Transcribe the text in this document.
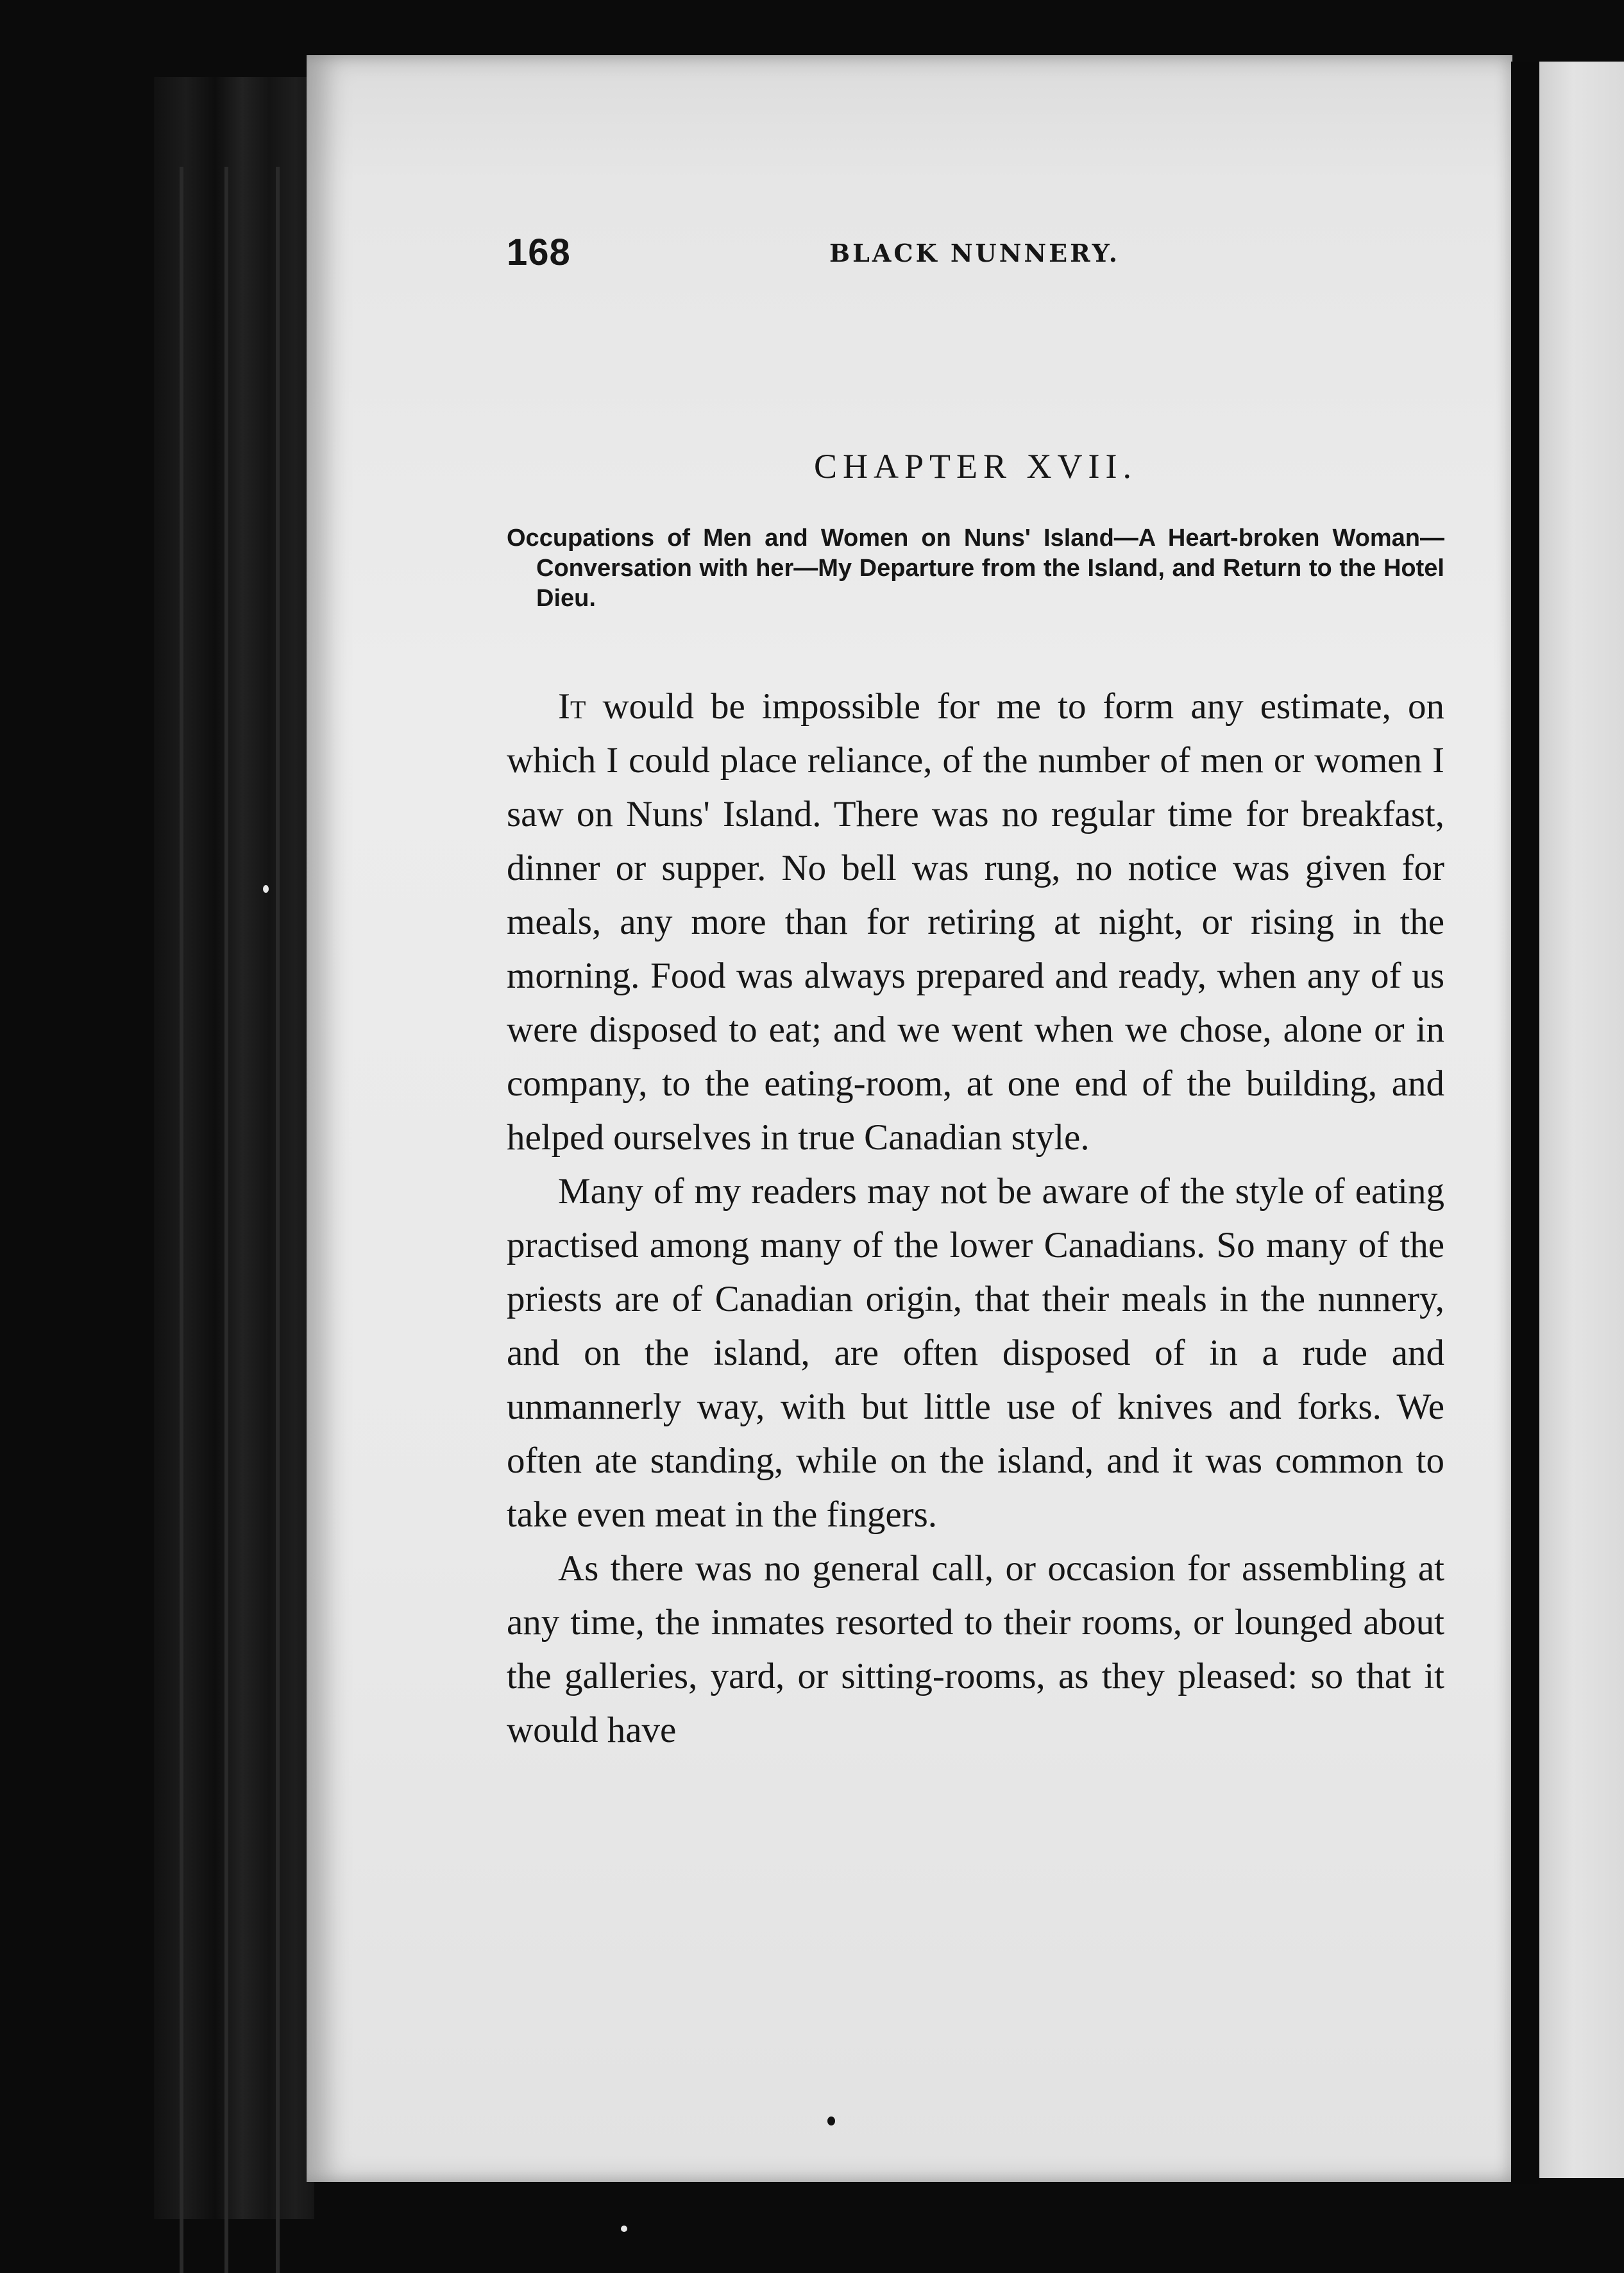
168	BLACK NUNNERY.
CHAPTER XVII.
Occupations of Men and Women on Nuns' Island—A Heart-broken Woman—Conversation with her—My Departure from the Island, and Return to the Hotel Dieu.

It would be impossible for me to form any estimate, on which I could place reliance, of the number of men or women I saw on Nuns' Island. There was no regular time for breakfast, dinner or supper. No bell was rung, no notice was given for meals, any more than for retiring at night, or rising in the morning. Food was always prepared and ready, when any of us were disposed to eat; and we went when we chose, alone or in company, to the eating-room, at one end of the building, and helped ourselves in true Canadian style.

Many of my readers may not be aware of the style of eating practised among many of the lower Canadians. So many of the priests are of Canadian origin, that their meals in the nunnery, and on the island, are often disposed of in a rude and unmannerly way, with but little use of knives and forks. We often ate standing, while on the island, and it was common to take even meat in the fingers.

As there was no general call, or occasion for assembling at any time, the inmates resorted to their rooms, or lounged about the galleries, yard, or sitting-rooms, as they pleased: so that it would have
